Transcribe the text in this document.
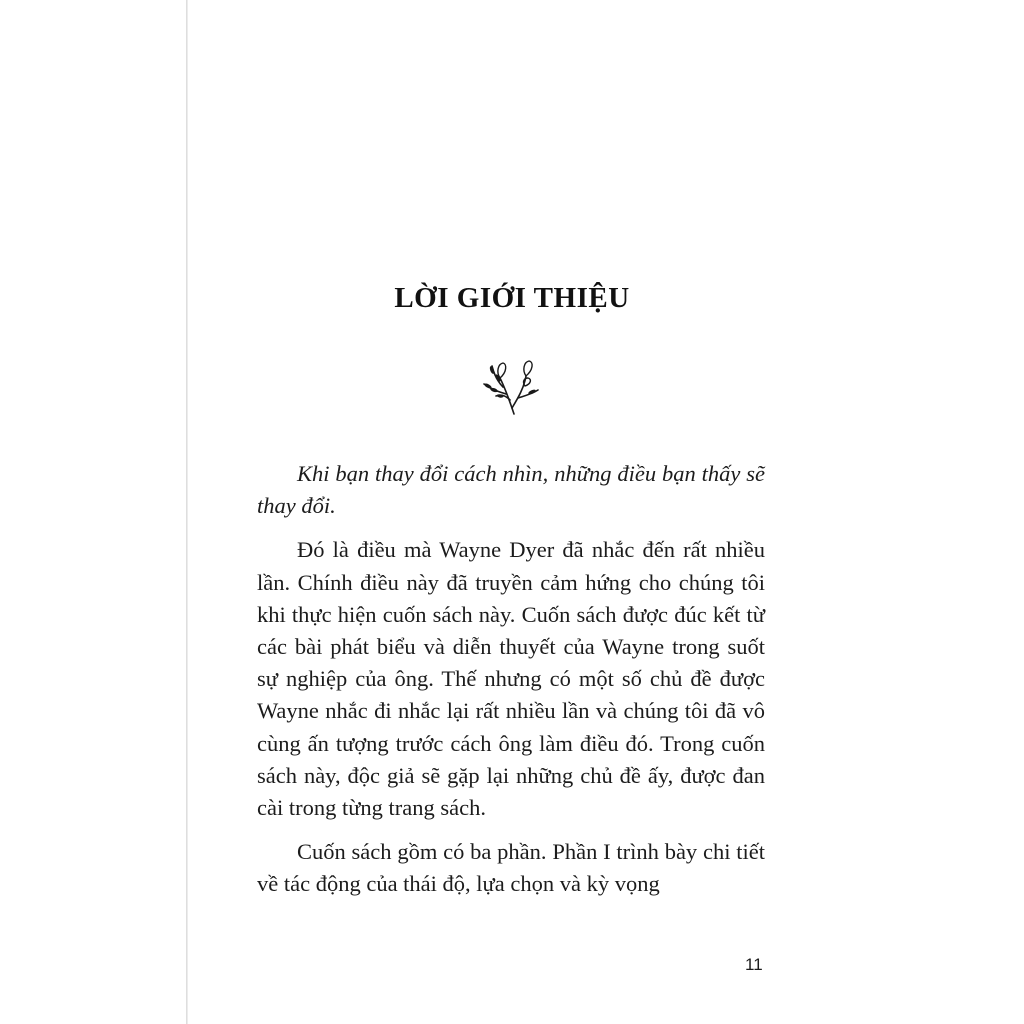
LỜI GIỚI THIỆU

Khi bạn thay đổi cách nhìn, những điều bạn thấy sẽ thay đổi.

Đó là điều mà Wayne Dyer đã nhắc đến rất nhiều lần. Chính điều này đã truyền cảm hứng cho chúng tôi khi thực hiện cuốn sách này. Cuốn sách được đúc kết từ các bài phát biểu và diễn thuyết của Wayne trong suốt sự nghiệp của ông. Thế nhưng có một số chủ đề được Wayne nhắc đi nhắc lại rất nhiều lần và chúng tôi đã vô cùng ấn tượng trước cách ông làm điều đó. Trong cuốn sách này, độc giả sẽ gặp lại những chủ đề ấy, được đan cài trong từng trang sách.

Cuốn sách gồm có ba phần. Phần I trình bày chi tiết về tác động của thái độ, lựa chọn và kỳ vọng

11
